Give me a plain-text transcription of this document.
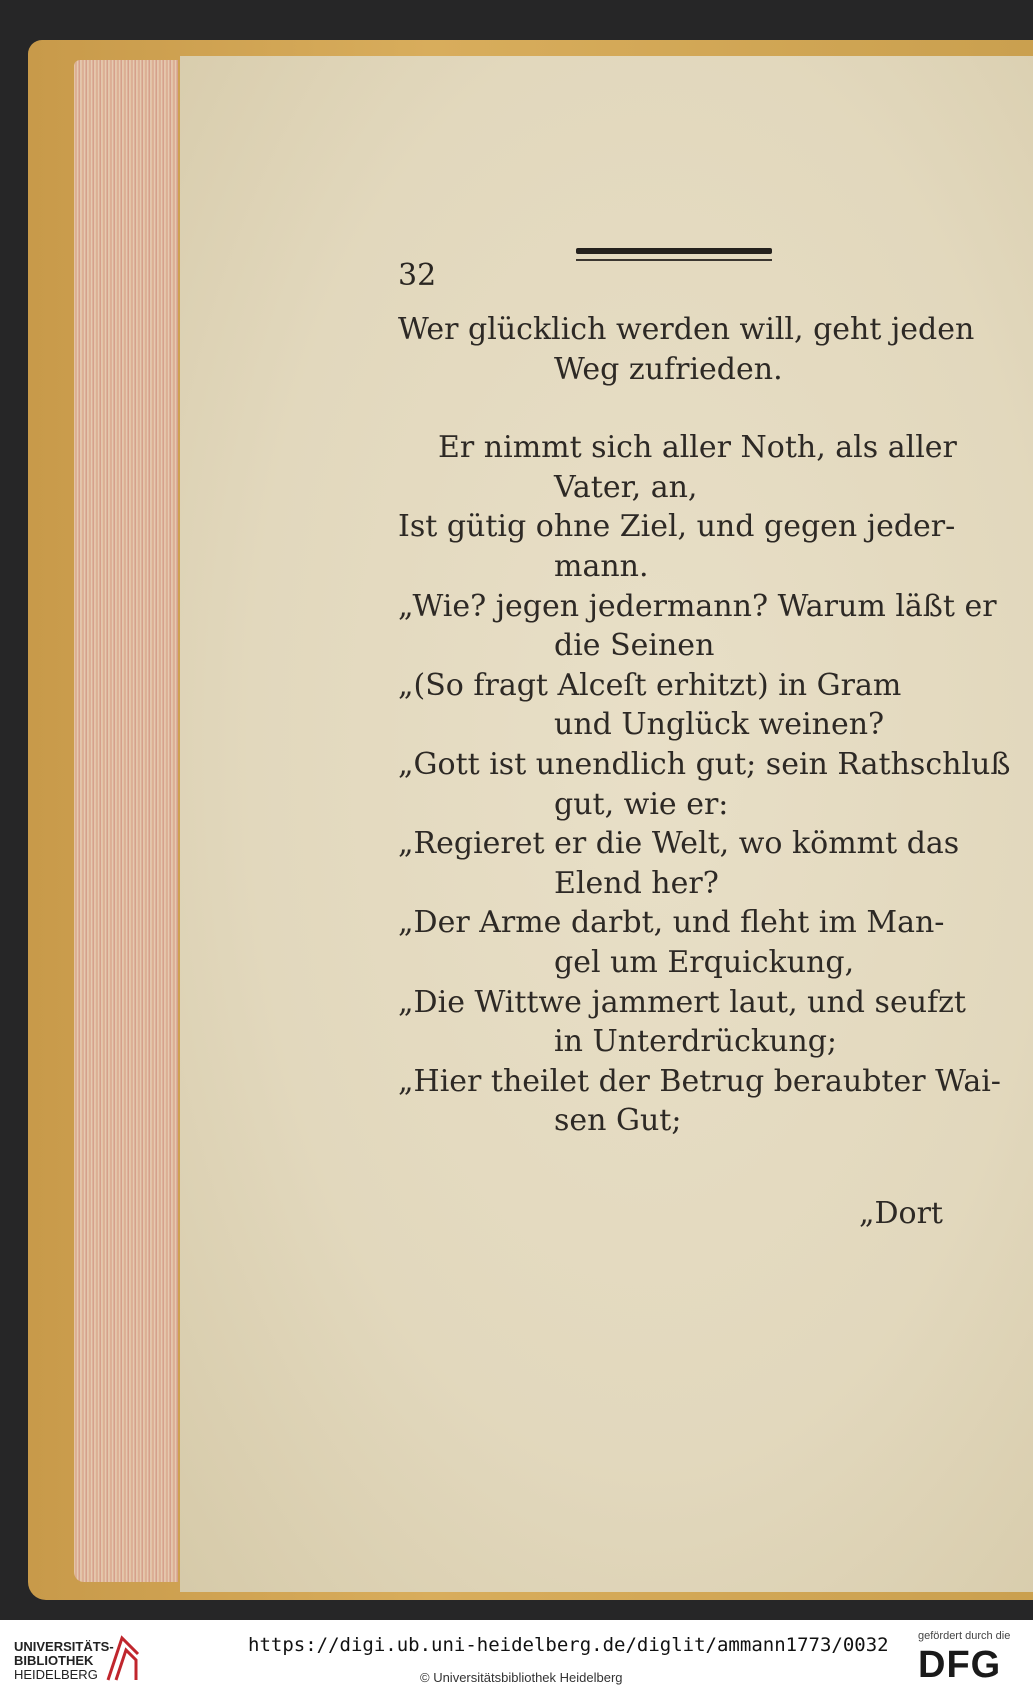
32
Wer glücklich werden will, geht jeden
Weg zufrieden.
Er nimmt sich aller Noth, als aller
Vater, an,
Ist gütig ohne Ziel, und gegen jeder-
mann.
„Wie? jegen jedermann? Warum läßt er
die Seinen
„(So fragt Alceſt erhitzt) in Gram
und Unglück weinen?
„Gott ist unendlich gut; sein Rathschluß
gut, wie er:
„Regieret er die Welt, wo kömmt das
Elend her?
„Der Arme darbt, und fleht im Man-
gel um Erquickung,
„Die Wittwe jammert laut, und seufzt
in Unterdrückung;
„Hier theilet der Betrug beraubter Wai-
sen Gut;
„Dort
UNIVERSITÄTS-
BIBLIOTHEK
HEIDELBERG
https://digi.ub.uni-heidelberg.de/diglit/ammann1773/0032
© Universitätsbibliothek Heidelberg
gefördert durch die
DFG
